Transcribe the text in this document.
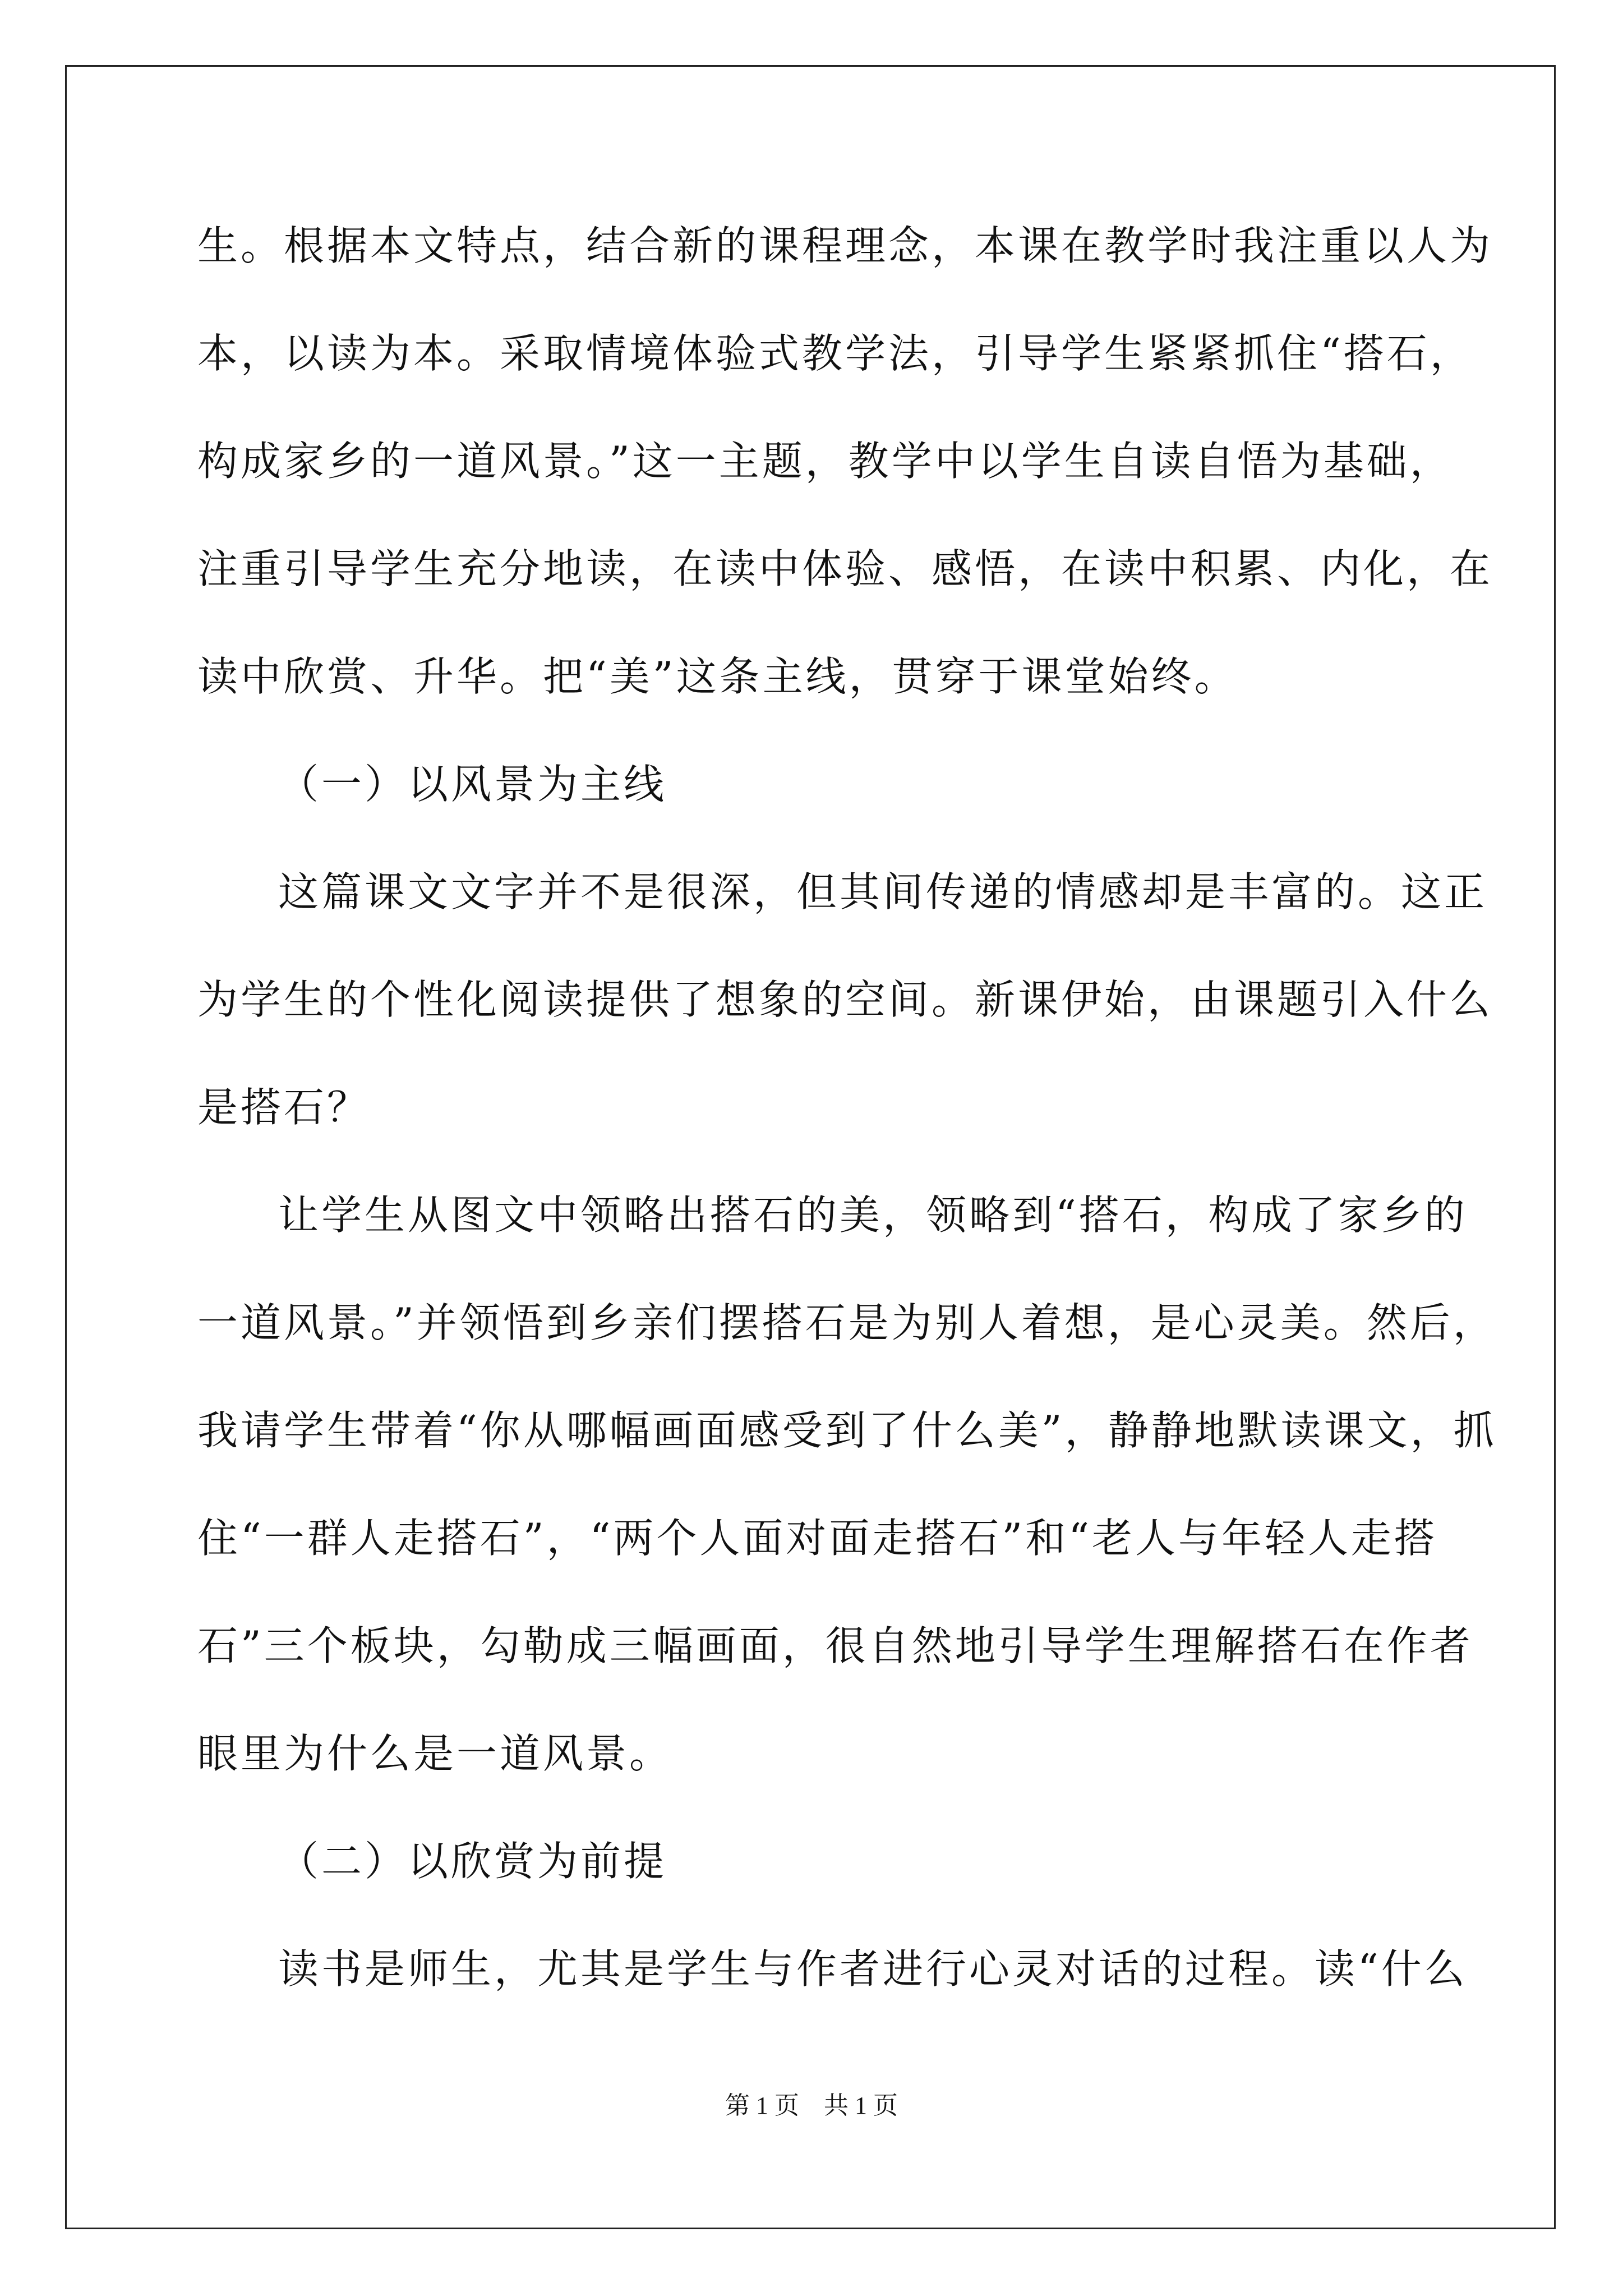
生。根据本文特点，结合新的课程理念，本课在教学时我注重以人为
本，以读为本。采取情境体验式教学法，引导学生紧紧抓住“搭石，
构成家乡的一道风景。”这一主题，教学中以学生自读自悟为基础，
注重引导学生充分地读，在读中体验、感悟，在读中积累、内化，在
读中欣赏、升华。把“美”这条主线，贯穿于课堂始终。
（一）以风景为主线
这篇课文文字并不是很深，但其间传递的情感却是丰富的。这正
为学生的个性化阅读提供了想象的空间。新课伊始，由课题引入什么
是搭石？
让学生从图文中领略出搭石的美，领略到“搭石，构成了家乡的
一道风景。”并领悟到乡亲们摆搭石是为别人着想，是心灵美。然后，
我请学生带着“你从哪幅画面感受到了什么美”，静静地默读课文，抓
住“一群人走搭石”，“两个人面对面走搭石”和“老人与年轻人走搭
石”三个板块，勾勒成三幅画面，很自然地引导学生理解搭石在作者
眼里为什么是一道风景。
（二）以欣赏为前提
读书是师生，尤其是学生与作者进行心灵对话的过程。读“什么
第 1 页　共 1 页
